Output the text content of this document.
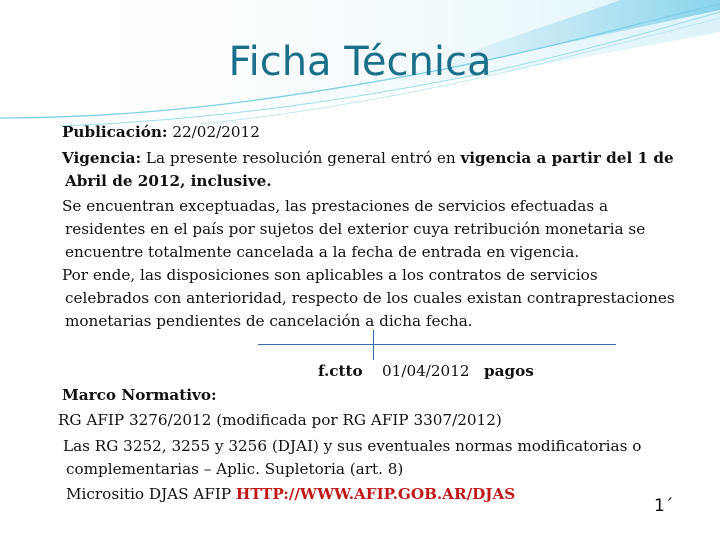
Ficha Técnica
Publicación: 22/02/2012
Vigencia: La presente resolución general entró en vigencia a partir del 1 de
Abril de 2012, inclusive.
Se encuentran exceptuadas, las prestaciones de servicios efectuadas a
residentes en el país por sujetos del exterior cuya retribución monetaria se
encuentre totalmente cancelada a la fecha de entrada en vigencia.
Por ende, las disposiciones son aplicables a los contratos de servicios
celebrados con anterioridad, respecto de los cuales existan contraprestaciones
monetarias pendientes de cancelación a dicha fecha.
f.ctto 01/04/2012 pagos
Marco Normativo:
RG AFIP 3276/2012 (modificada por RG AFIP 3307/2012)
Las RG 3252, 3255 y 3256 (DJAI) y sus eventuales normas modificatorias o
complementarias – Aplic. Supletoria (art. 8)
Micrositio DJAS AFIP HTTP://WWW.AFIP.GOB.AR/DJAS
1´
